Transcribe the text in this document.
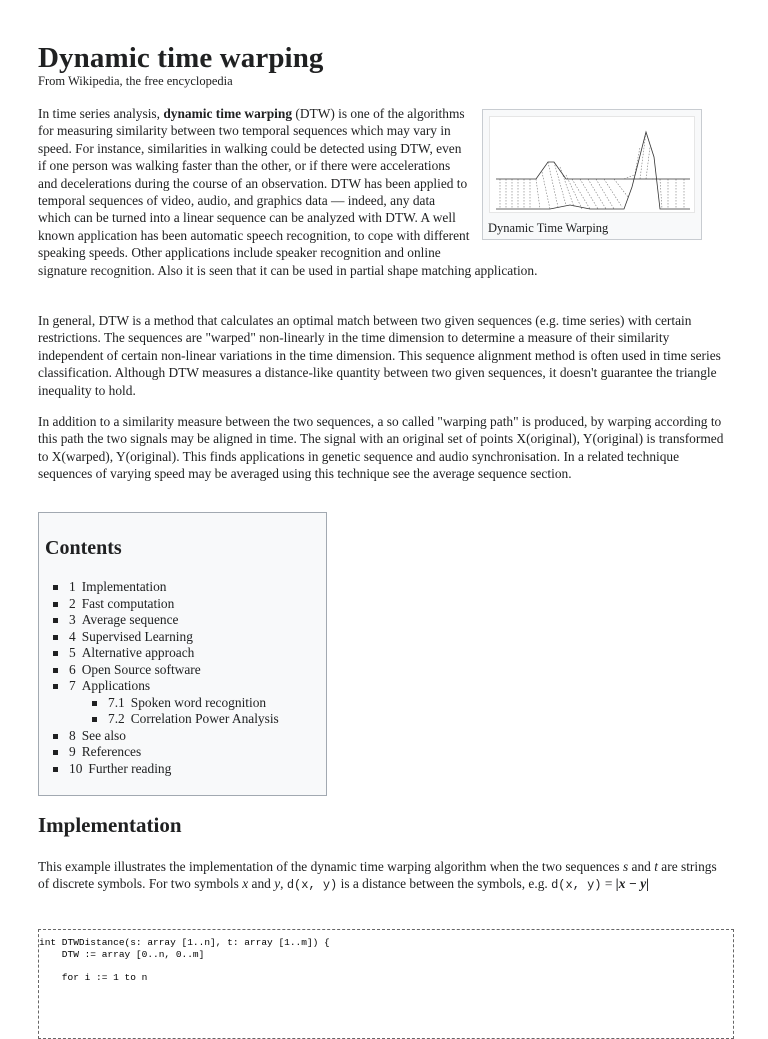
Dynamic time warping
From Wikipedia, the free encyclopedia
Dynamic Time Warping
In time series analysis, dynamic time warping (DTW) is one of the algorithms for measuring similarity between two temporal sequences which may vary in speed. For instance, similarities in walking could be detected using DTW, even if one person was walking faster than the other, or if there were accelerations and decelerations during the course of an observation. DTW has been applied to temporal sequences of video, audio, and graphics data — indeed, any data which can be turned into a linear sequence can be analyzed with DTW. A well known application has been automatic speech recognition, to cope with different speaking speeds. Other applications include speaker recognition and online signature recognition. Also it is seen that it can be used in partial shape matching application.

In general, DTW is a method that calculates an optimal match between two given sequences (e.g. time series) with certain restrictions. The sequences are "warped" non-linearly in the time dimension to determine a measure of their similarity independent of certain non-linear variations in the time dimension. This sequence alignment method is often used in time series classification. Although DTW measures a distance-like quantity between two given sequences, it doesn't guarantee the triangle inequality to hold.

In addition to a similarity measure between the two sequences, a so called "warping path" is produced, by warping according to this path the two signals may be aligned in time. The signal with an original set of points X(original), Y(original) is transformed to X(warped), Y(original). This finds applications in genetic sequence and audio synchronisation. In a related technique sequences of varying speed may be averaged using this technique see the average sequence section.

Contents
1 Implementation
2 Fast computation
3 Average sequence
4 Supervised Learning
5 Alternative approach
6 Open Source software
7 Applications
7.1 Spoken word recognition
7.2 Correlation Power Analysis
8 See also
9 References
10 Further reading
Implementation

This example illustrates the implementation of the dynamic time warping algorithm when the two sequences s and t are strings of discrete symbols. For two symbols x and y, d(x, y) is a distance between the symbols, e.g. d(x, y) = |x − y|

int DTWDistance(s: array [1..n], t: array [1..m]) {
DTW := array [0..n, 0..m]
for i := 1 to n
